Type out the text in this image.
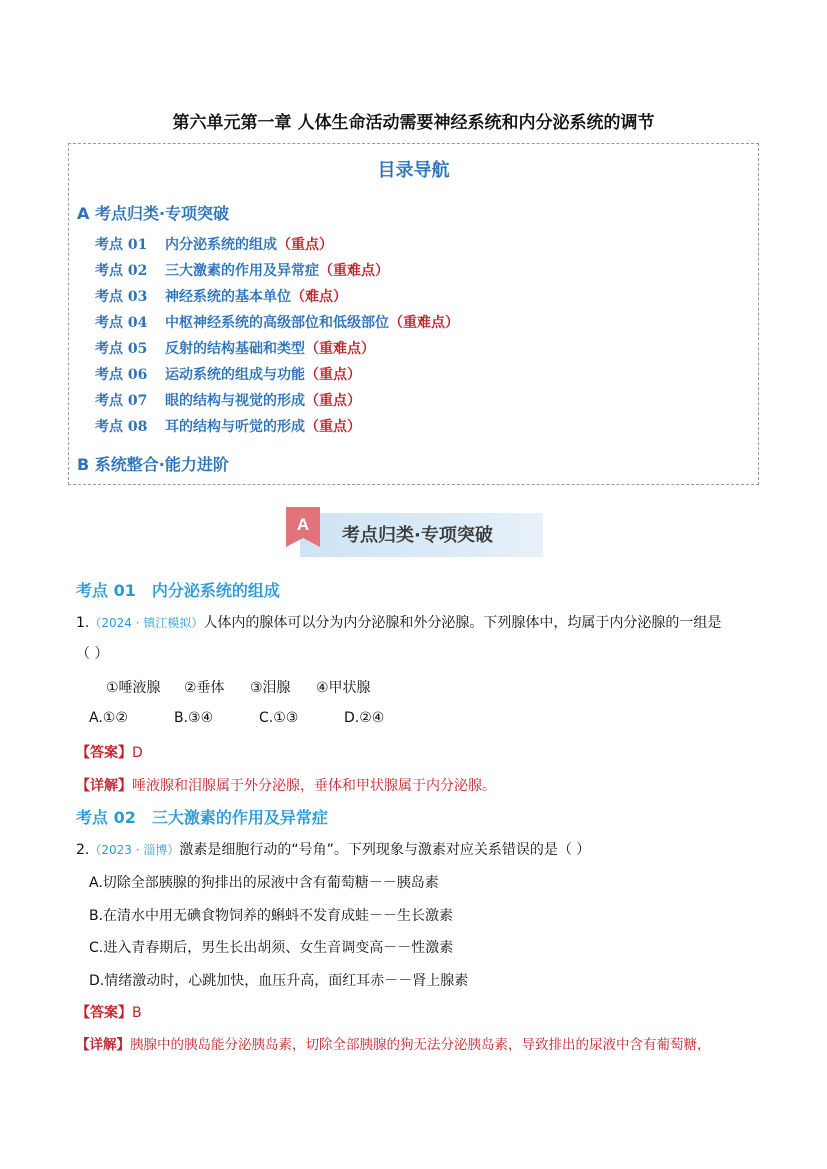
第六单元第一章 人体生命活动需要神经系统和内分泌系统的调节
目录导航
A 考点归类·专项突破
考点 01 内分泌系统的组成（重点）
考点 02 三大激素的作用及异常症（重难点）
考点 03 神经系统的基本单位（难点）
考点 04 中枢神经系统的高级部位和低级部位（重难点）
考点 05 反射的结构基础和类型（重难点）
考点 06 运动系统的组成与功能（重点）
考点 07 眼的结构与视觉的形成（重点）
考点 08 耳的结构与听觉的形成（重点）
B 系统整合·能力进阶
A
考点归类·专项突破
考点 01 内分泌系统的组成
1.（2024 · 镇江模拟）人体内的腺体可以分为内分泌腺和外分泌腺。下列腺体中，均属于内分泌腺的一组是
（ ）
①唾液腺 ②垂体 ③泪腺 ④甲状腺
A.①②	B.③④	C.①③	D.②④
【答案】D
【详解】唾液腺和泪腺属于外分泌腺，垂体和甲状腺属于内分泌腺。
考点 02 三大激素的作用及异常症
2.（2023 · 淄博）激素是细胞行动的“号角”。下列现象与激素对应关系错误的是（ ）
A.切除全部胰腺的狗排出的尿液中含有葡萄糖－－胰岛素
B.在清水中用无碘食物饲养的蝌蚪不发育成蛙－－生长激素
C.进入青春期后，男生长出胡须、女生音调变高－－性激素
D.情绪激动时，心跳加快，血压升高，面红耳赤－－肾上腺素
【答案】B
【详解】胰腺中的胰岛能分泌胰岛素，切除全部胰腺的狗无法分泌胰岛素，导致排出的尿液中含有葡萄糖，
